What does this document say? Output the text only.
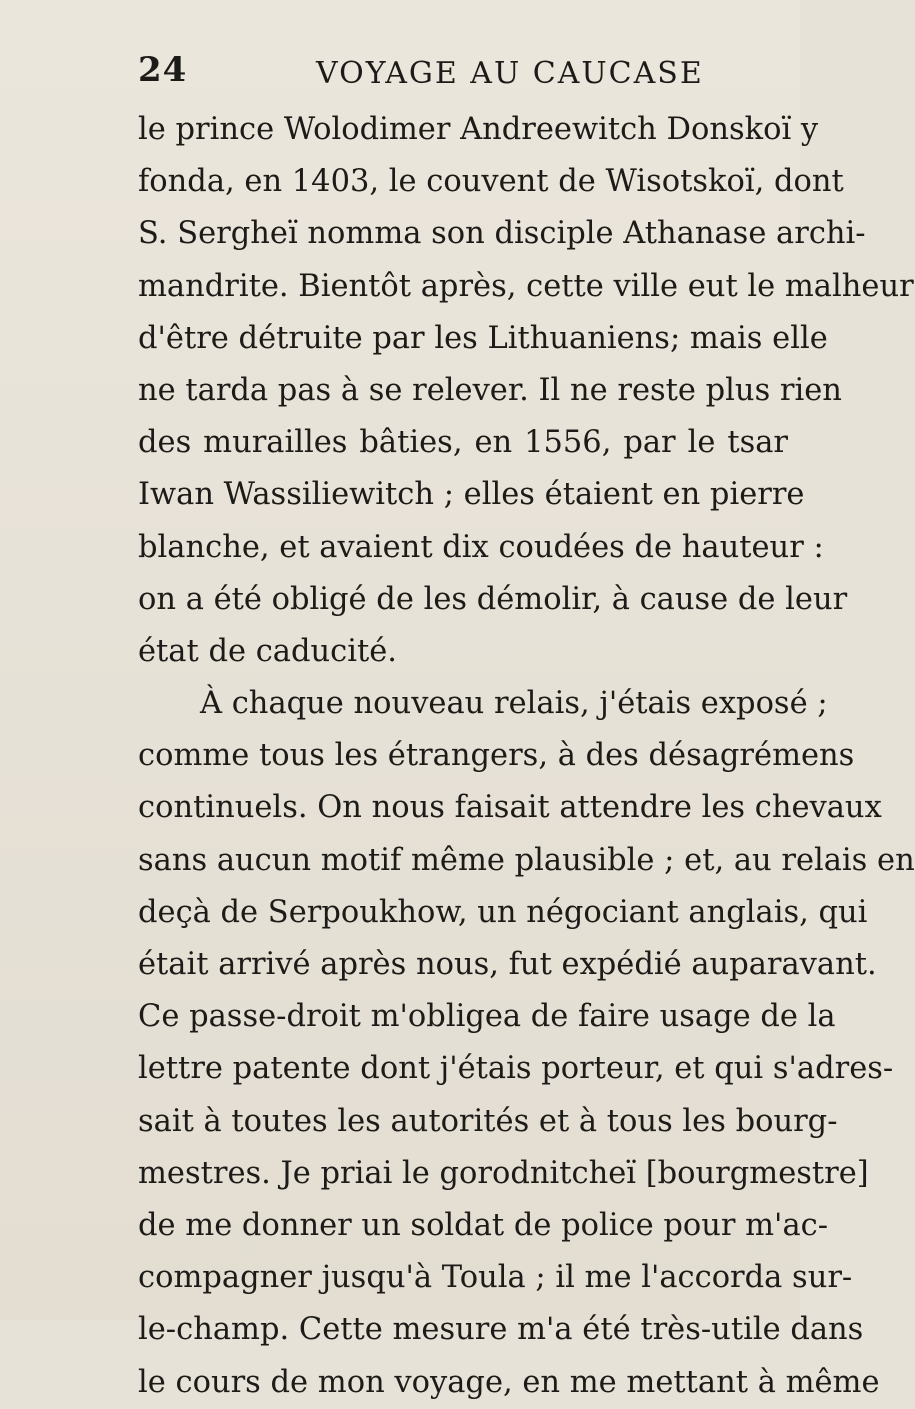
24	VOYAGE AU CAUCASE
le prince Wolodimer Andreewitch Donskoï y
fonda, en 1403, le couvent de Wisotskoï, dont
S. Sergheï nomma son disciple Athanase archi-
mandrite. Bientôt après, cette ville eut le malheur
d'être détruite par les Lithuaniens; mais elle
ne tarda pas à se relever. Il ne reste plus rien
des murailles bâties, en 1556, par le tsar
Iwan Wassiliewitch ; elles étaient en pierre
blanche, et avaient dix coudées de hauteur :
on a été obligé de les démolir, à cause de leur
état de caducité.
À chaque nouveau relais, j'étais exposé ;
comme tous les étrangers, à des désagrémens
continuels. On nous faisait attendre les chevaux
sans aucun motif même plausible ; et, au relais en
deçà de Serpoukhow, un négociant anglais, qui
était arrivé après nous, fut expédié auparavant.
Ce passe-droit m'obligea de faire usage de la
lettre patente dont j'étais porteur, et qui s'adres-
sait à toutes les autorités et à tous les bourg-
mestres. Je priai le gorodnitcheï [bourgmestre]
de me donner un soldat de police pour m'ac-
compagner jusqu'à Toula ; il me l'accorda sur-
le-champ. Cette mesure m'a été très-utile dans
le cours de mon voyage, en me mettant à même
